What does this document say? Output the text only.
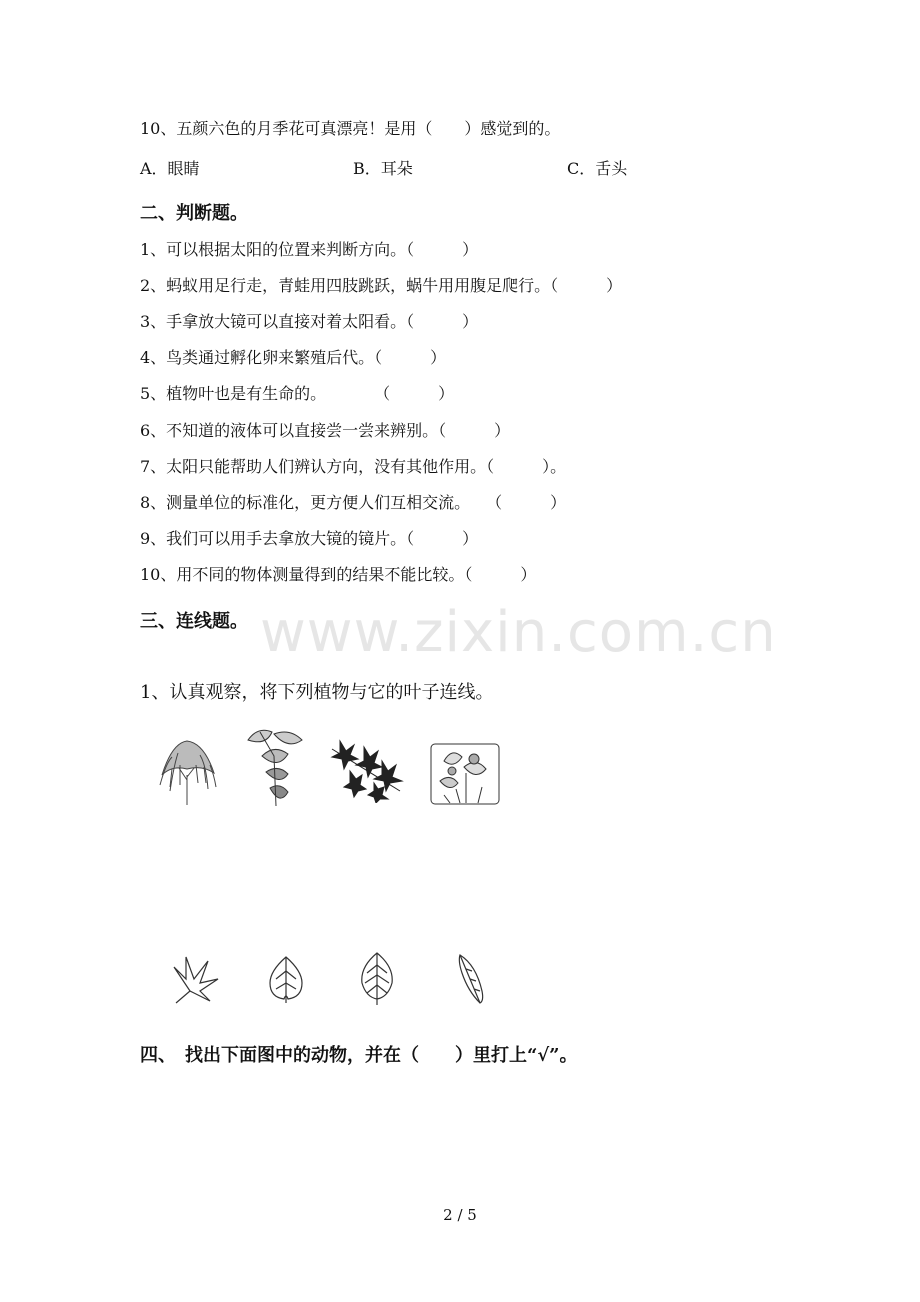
www.zixin.com.cn
10、五颜六色的月季花可真漂亮！是用（　　）感觉到的。
A．眼睛	B．耳朵	C．舌头
二、判断题。
1、可以根据太阳的位置来判断方向。（　　　）
2、蚂蚁用足行走，青蛙用四肢跳跃，蜗牛用用腹足爬行。（　　　）
3、手拿放大镜可以直接对着太阳看。（　　　）
4、鸟类通过孵化卵来繁殖后代。（　　　）
5、植物叶也是有生命的。　　　　（　　　）
6、不知道的液体可以直接尝一尝来辨别。（　　　）
7、太阳只能帮助人们辨认方向，没有其他作用。（　　　）。
8、测量单位的标准化，更方便人们互相交流。　　（　　　）
9、我们可以用手去拿放大镜的镜片。（　　　）
10、用不同的物体测量得到的结果不能比较。（　　　）
三、连线题。
1、认真观察，将下列植物与它的叶子连线。
四、　找出下面图中的动物，并在（　　）里打上“√”。
2 / 5
